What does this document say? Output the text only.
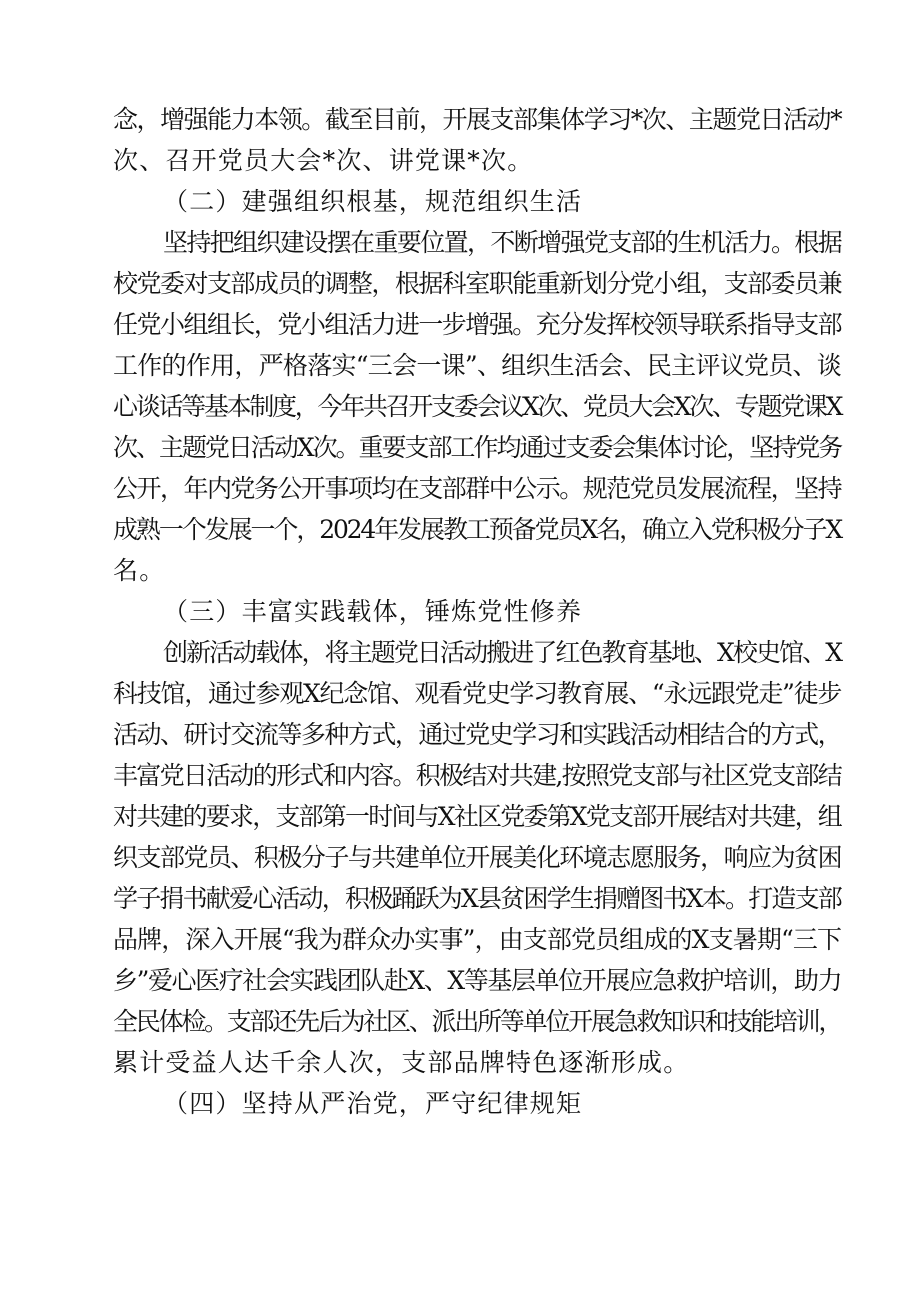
念，增强能力本领。截至目前，开展支部集体学习*次、主题党日活动*
次、召开党员大会*次、讲党课*次。
（二）建强组织根基，规范组织生活
坚持把组织建设摆在重要位置，不断增强党支部的生机活力。根据
校党委对支部成员的调整，根据科室职能重新划分党小组，支部委员兼
任党小组组长，党小组活力进一步增强。充分发挥校领导联系指导支部
工作的作用，严格落实“三会一课”、组织生活会、民主评议党员、谈
心谈话等基本制度，今年共召开支委会议X次、党员大会X次、专题党课X
次、主题党日活动X次。重要支部工作均通过支委会集体讨论，坚持党务
公开，年内党务公开事项均在支部群中公示。规范党员发展流程，坚持
成熟一个发展一个，2024年发展教工预备党员X名，确立入党积极分子X
名。
（三）丰富实践载体，锤炼党性修养
创新活动载体，将主题党日活动搬进了红色教育基地、X校史馆、X
科技馆，通过参观X纪念馆、观看党史学习教育展、“永远跟党走”徒步
活动、研讨交流等多种方式，通过党史学习和实践活动相结合的方式，
丰富党日活动的形式和内容。积极结对共建,按照党支部与社区党支部结
对共建的要求，支部第一时间与X社区党委第X党支部开展结对共建，组
织支部党员、积极分子与共建单位开展美化环境志愿服务，响应为贫困
学子捐书献爱心活动，积极踊跃为X县贫困学生捐赠图书X本。打造支部
品牌，深入开展“我为群众办实事”，由支部党员组成的X支暑期“三下
乡”爱心医疗社会实践团队赴X、X等基层单位开展应急救护培训，助力
全民体检。支部还先后为社区、派出所等单位开展急救知识和技能培训，
累计受益人达千余人次，支部品牌特色逐渐形成。
（四）坚持从严治党，严守纪律规矩
